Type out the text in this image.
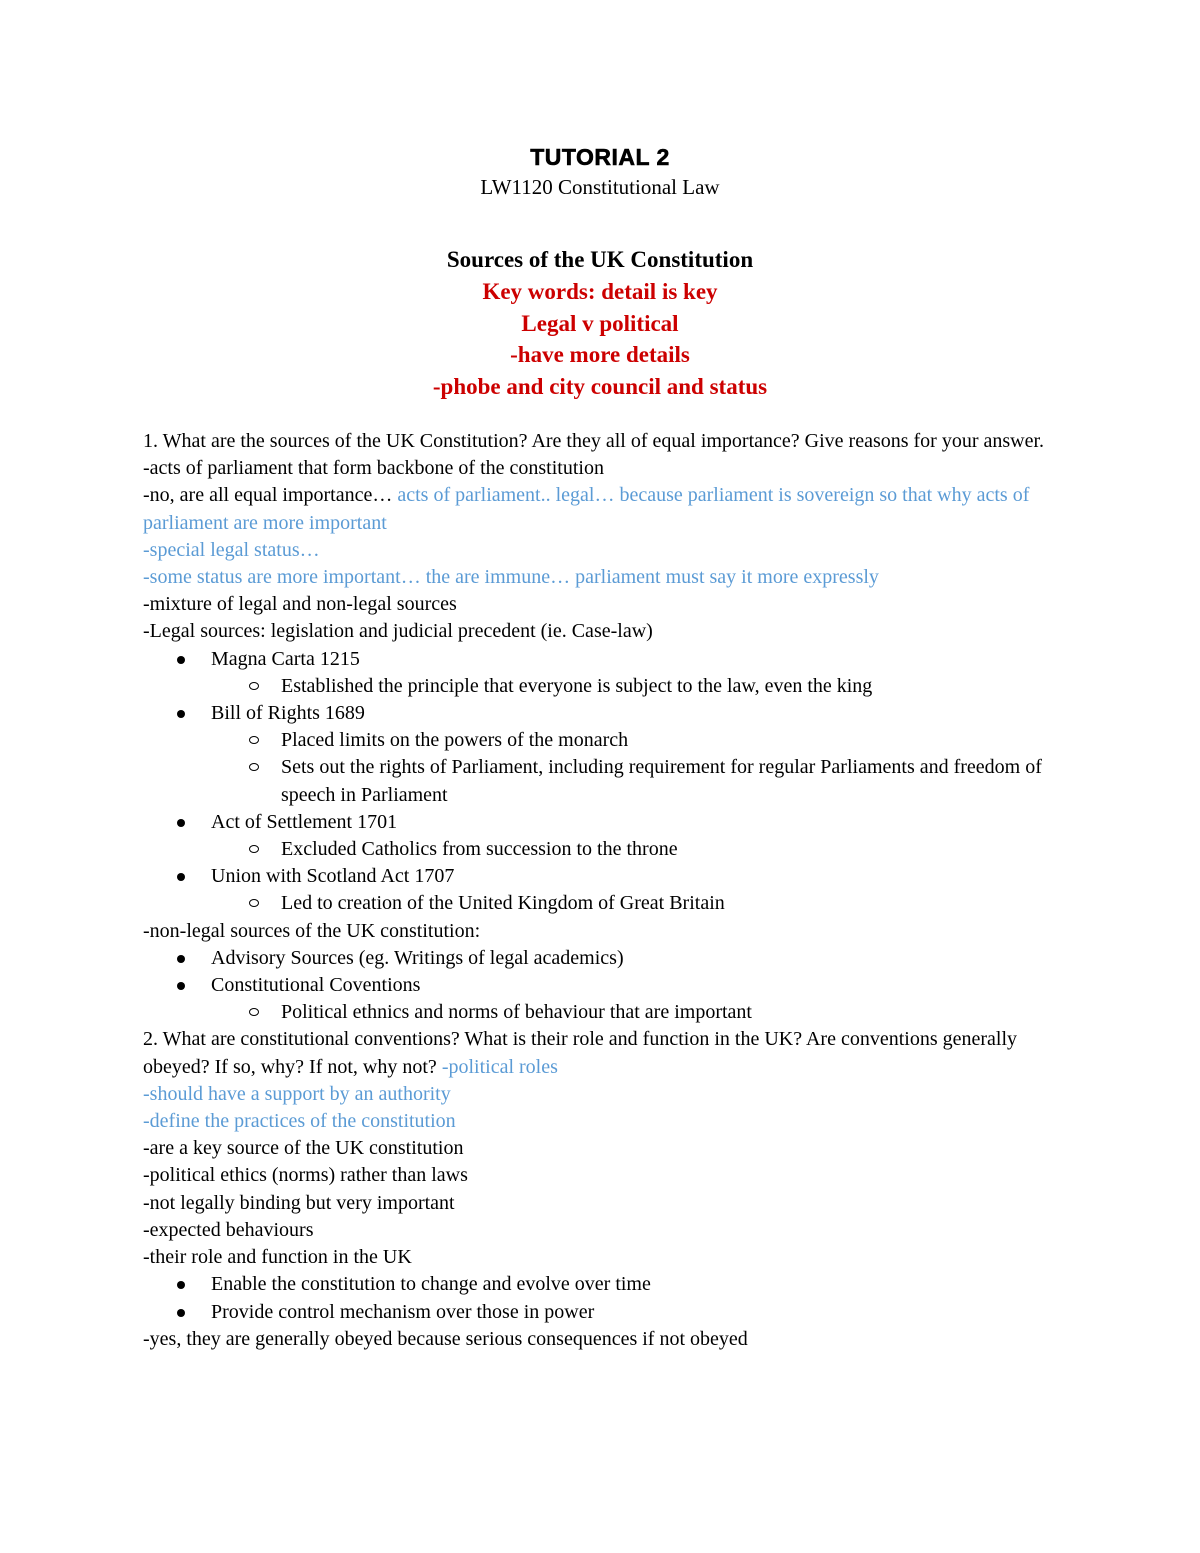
TUTORIAL 2
LW1120 Constitutional Law
Sources of the UK Constitution
Key words: detail is key
Legal v political
-have more details
-phobe and city council and status

1. What are the sources of the UK Constitution? Are they all of equal importance? Give reasons for your answer.

-acts of parliament that form backbone of the constitution

-no, are all equal importance… acts of parliament.. legal… because parliament is sovereign so that why acts of parliament are more important

-special legal status…

-some status are more important… the are immune… parliament must say it more expressly

-mixture of legal and non-legal sources

-Legal sources: legislation and judicial precedent (ie. Case-law)

Magna Carta 1215
Established the principle that everyone is subject to the law, even the king
Bill of Rights 1689
Placed limits on the powers of the monarch
Sets out the rights of Parliament, including requirement for regular Parliaments and freedom of speech in Parliament
Act of Settlement 1701
Excluded Catholics from succession to the throne
Union with Scotland Act 1707
Led to creation of the United Kingdom of Great Britain

-non-legal sources of the UK constitution:

Advisory Sources (eg. Writings of legal academics)
Constitutional Coventions
Political ethnics and norms of behaviour that are important

2. What are constitutional conventions? What is their role and function in the UK? Are conventions generally obeyed? If so, why? If not, why not? -political roles

-should have a support by an authority

-define the practices of the constitution

-are a key source of the UK constitution

-political ethics (norms) rather than laws

-not legally binding but very important

-expected behaviours

-their role and function in the UK

Enable the constitution to change and evolve over time
Provide control mechanism over those in power

-yes, they are generally obeyed because serious consequences if not obeyed
